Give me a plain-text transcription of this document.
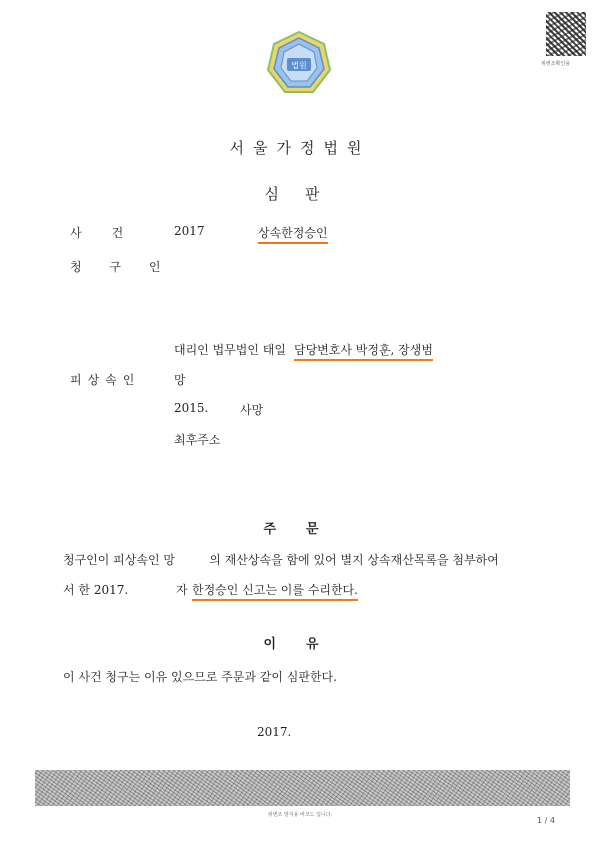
법원	위변조확인용
서울가정법원
심판
사건 2017	상속한정승인
청 구 인
대리인 법무법인 태일 담당변호사 박정훈, 장생범
피상속인	망
2015.	사망
최후주소
주문
청구인이 피상속인 망         의 재산상속을 함에 있어 별지 상속재산목록을 첨부하여
서 한 2017.	자 한정승인 신고는 이를 수리한다.
이유
이 사건 청구는 이유 있으므로 주문과 같이 심판한다.
2017.
위변조 방지용 바코드 입니다.
1 / 4
